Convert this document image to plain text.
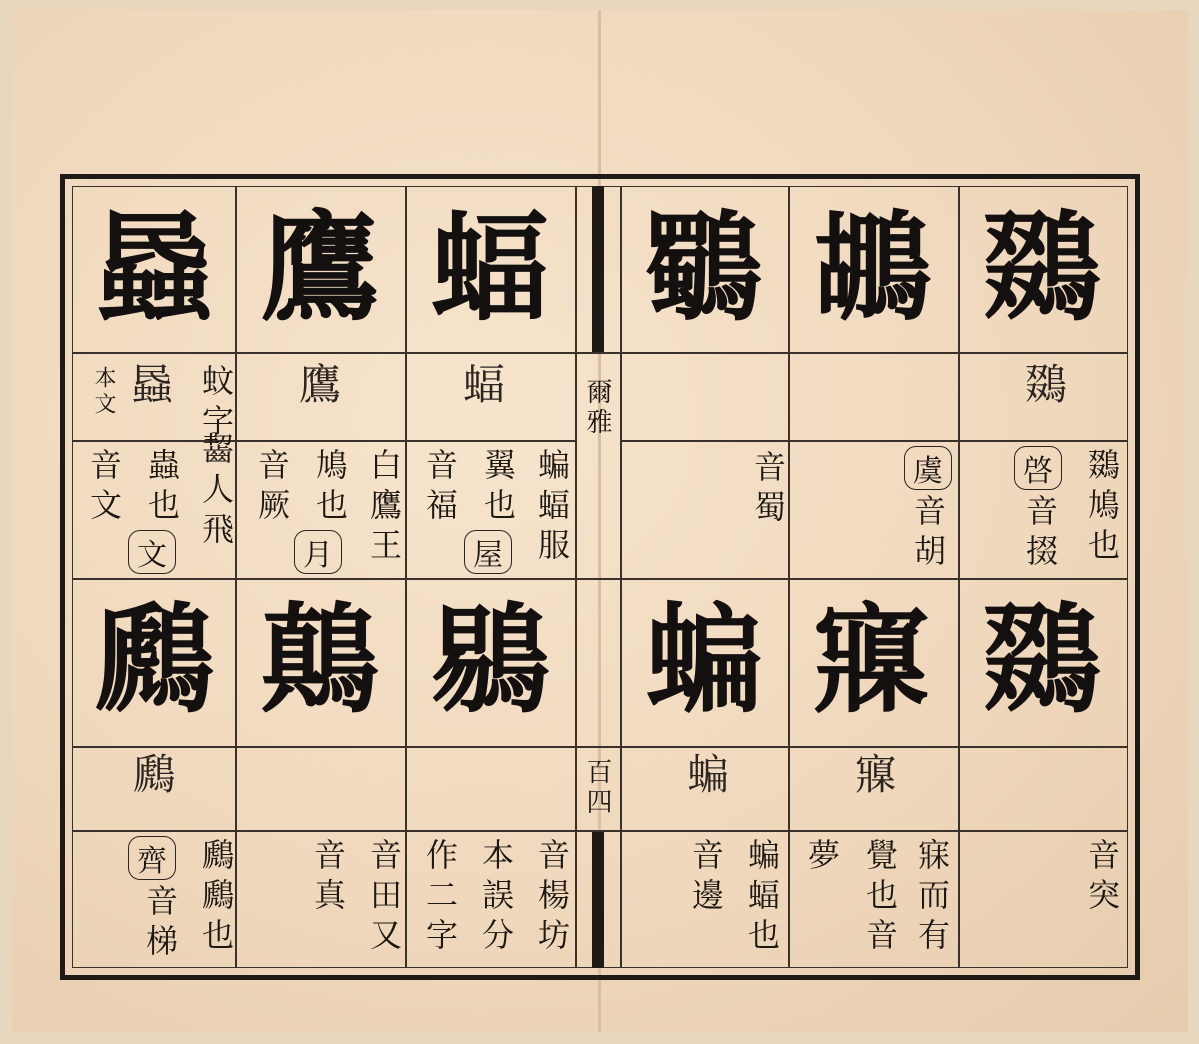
爾雅
百四
鵽
鶘
鸀
鵽
鵽鳩也
啓
音掇
虞
音胡
音蜀
鵽
寱
蝙
音突
寱
寐而有
覺也音
夢
蝙
蝙蝠也
音邊
蝠
鷹
蟁
蝠
蝙蝠服
翼也
屋
音福
鷹
白鷹王
鳩也
月
音厥
蟁 蚊字
齧人飛
蟲也
文
音文
本文
鶍
鷏
鷉
音楊坊
本誤分
作二字
音田又
音真
鷉
鷉鷉也
齊
音梯
